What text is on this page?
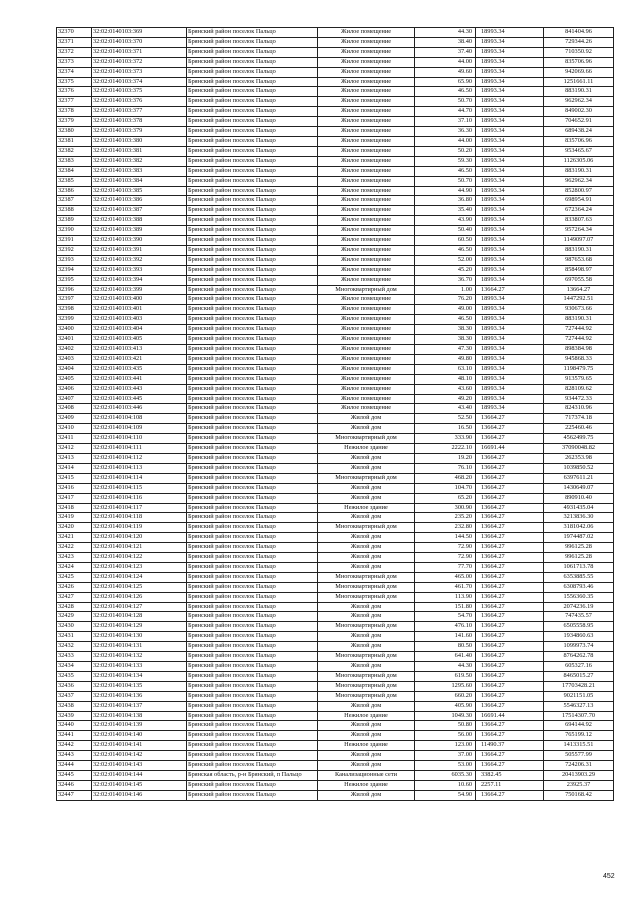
32370	32:02:0140103:369	Брянский район поселок Пальцо	Жилое помещение	44.30	18993.34	841404.96
32371	32:02:0140103:370	Брянский район поселок Пальцо	Жилое помещение	38.40	18993.34	729344.26
32372	32:02:0140103:371	Брянский район поселок Пальцо	Жилое помещение	37.40	18993.34	710350.92
32373	32:02:0140103:372	Брянский район поселок Пальцо	Жилое помещение	44.00	18993.34	835706.96
32374	32:02:0140103:373	Брянский район поселок Пальцо	Жилое помещение	49.60	18993.34	942069.66
32375	32:02:0140103:374	Брянский район поселок Пальцо	Жилое помещение	65.90	18993.34	1251661.11
32376	32:02:0140103:375	Брянский район поселок Пальцо	Жилое помещение	46.50	18993.34	883190.31
32377	32:02:0140103:376	Брянский район поселок Пальцо	Жилое помещение	50.70	18993.34	962962.34
32378	32:02:0140103:377	Брянский район поселок Пальцо	Жилое помещение	44.70	18993.34	849002.30
32379	32:02:0140103:378	Брянский район поселок Пальцо	Жилое помещение	37.10	18993.34	704652.91
32380	32:02:0140103:379	Брянский район поселок Пальцо	Жилое помещение	36.30	18993.34	689438.24
32381	32:02:0140103:380	Брянский район поселок Пальцо	Жилое помещение	44.00	18993.34	835706.96
32382	32:02:0140103:381	Брянский район поселок Пальцо	Жилое помещение	50.20	18993.34	953465.67
32383	32:02:0140103:382	Брянский район поселок Пальцо	Жилое помещение	59.30	18993.34	1126305.06
32384	32:02:0140103:383	Брянский район поселок Пальцо	Жилое помещение	46.50	18993.34	883190.31
32385	32:02:0140103:384	Брянский район поселок Пальцо	Жилое помещение	50.70	18993.34	962962.34
32386	32:02:0140103:385	Брянский район поселок Пальцо	Жилое помещение	44.90	18993.34	852800.97
32387	32:02:0140103:386	Брянский район поселок Пальцо	Жилое помещение	36.80	18993.34	698954.91
32388	32:02:0140103:387	Брянский район поселок Пальцо	Жилое помещение	35.40	18993.34	672364.24
32389	32:02:0140103:388	Брянский район поселок Пальцо	Жилое помещение	43.90	18993.34	833807.63
32390	32:02:0140103:389	Брянский район поселок Пальцо	Жилое помещение	50.40	18993.34	957264.34
32391	32:02:0140103:390	Брянский район поселок Пальцо	Жилое помещение	60.50	18993.34	1149097.07
32392	32:02:0140103:391	Брянский район поселок Пальцо	Жилое помещение	46.50	18993.34	883190.31
32393	32:02:0140103:392	Брянский район поселок Пальцо	Жилое помещение	52.00	18993.34	987653.68
32394	32:02:0140103:393	Брянский район поселок Пальцо	Жилое помещение	45.20	18993.34	858498.97
32395	32:02:0140103:394	Брянский район поселок Пальцо	Жилое помещение	36.70	18993.34	697055.58
32396	32:02:0140103:399	Брянский район поселок Пальцо	Многоквартирный дом	1.00	13664.27	13664.27
32397	32:02:0140103:400	Брянский район поселок Пальцо	Жилое помещение	76.20	18993.34	1447292.51
32398	32:02:0140103:401	Брянский район поселок Пальцо	Жилое помещение	49.00	18993.34	930673.66
32399	32:02:0140103:403	Брянский район поселок Пальцо	Жилое помещение	46.50	18993.34	883190.31
32400	32:02:0140103:404	Брянский район поселок Пальцо	Жилое помещение	38.30	18993.34	727444.92
32401	32:02:0140103:405	Брянский район поселок Пальцо	Жилое помещение	38.30	18993.34	727444.92
32402	32:02:0140103:413	Брянский район поселок Пальцо	Жилое помещение	47.30	18993.34	898384.98
32403	32:02:0140103:421	Брянский район поселок Пальцо	Жилое помещение	49.80	18993.34	945868.33
32404	32:02:0140103:435	Брянский район поселок Пальцо	Жилое помещение	63.10	18993.34	1198479.75
32405	32:02:0140103:441	Брянский район поселок Пальцо	Жилое помещение	48.10	18993.34	913579.65
32406	32:02:0140103:443	Брянский район поселок Пальцо	Жилое помещение	43.60	18993.34	828109.62
32407	32:02:0140103:445	Брянский район поселок Пальцо	Жилое помещение	49.20	18993.34	934472.33
32408	32:02:0140103:446	Брянский район поселок Пальцо	Жилое помещение	43.40	18993.34	824310.96
32409	32:02:0140104:108	Брянский район поселок Пальцо	Жилой дом	52.50	13664.27	717374.18
32410	32:02:0140104:109	Брянский район поселок Пальцо	Жилой дом	16.50	13664.27	225460.46
32411	32:02:0140104:110	Брянский район поселок Пальцо	Многоквартирный дом	333.90	13664.27	4562499.75
32412	32:02:0140104:111	Брянский район поселок Пальцо	Нежилое здание	2222.10	16691.44	37090048.82
32413	32:02:0140104:112	Брянский район поселок Пальцо	Жилой дом	19.20	13664.27	262353.98
32414	32:02:0140104:113	Брянский район поселок Пальцо	Жилой дом	76.10	13664.27	1039850.52
32415	32:02:0140104:114	Брянский район поселок Пальцо	Многоквартирный дом	468.20	13664.27	6397611.21
32416	32:02:0140104:115	Брянский район поселок Пальцо	Жилой дом	104.70	13664.27	1430649.07
32417	32:02:0140104:116	Брянский район поселок Пальцо	Жилой дом	65.20	13664.27	890910.40
32418	32:02:0140104:117	Брянский район поселок Пальцо	Нежилое здание	300.90	13664.27	4931435.04
32419	32:02:0140104:118	Брянский район поселок Пальцо	Жилой дом	235.20	13664.27	3213836.30
32420	32:02:0140104:119	Брянский район поселок Пальцо	Многоквартирный дом	232.80	13664.27	3181042.06
32421	32:02:0140104:120	Брянский район поселок Пальцо	Жилой дом	144.50	13664.27	1974487.02
32422	32:02:0140104:121	Брянский район поселок Пальцо	Жилой дом	72.90	13664.27	996125.28
32423	32:02:0140104:122	Брянский район поселок Пальцо	Жилой дом	72.90	13664.27	996125.28
32424	32:02:0140104:123	Брянский район поселок Пальцо	Жилой дом	77.70	13664.27	1061713.78
32425	32:02:0140104:124	Брянский район поселок Пальцо	Многоквартирный дом	465.00	13664.27	6353885.55
32426	32:02:0140104:125	Брянский район поселок Пальцо	Многоквартирный дом	461.70	13664.27	6308793.46
32427	32:02:0140104:126	Брянский район поселок Пальцо	Многоквартирный дом	113.90	13664.27	1556360.35
32428	32:02:0140104:127	Брянский район поселок Пальцо	Жилой дом	151.80	13664.27	2074236.19
32429	32:02:0140104:128	Брянский район поселок Пальцо	Жилой дом	54.70	13664.27	747435.57
32430	32:02:0140104:129	Брянский район поселок Пальцо	Многоквартирный дом	476.10	13664.27	6505558.95
32431	32:02:0140104:130	Брянский район поселок Пальцо	Жилой дом	141.60	13664.27	1934860.63
32432	32:02:0140104:131	Брянский район поселок Пальцо	Жилой дом	80.50	13664.27	1099973.74
32433	32:02:0140104:132	Брянский район поселок Пальцо	Многоквартирный дом	641.40	13664.27	8764262.78
32434	32:02:0140104:133	Брянский район поселок Пальцо	Жилой дом	44.30	13664.27	605327.16
32435	32:02:0140104:134	Брянский район поселок Пальцо	Многоквартирный дом	619.50	13664.27	8465015.27
32436	32:02:0140104:135	Брянский район поселок Пальцо	Многоквартирный дом	1295.60	13664.27	17703428.21
32437	32:02:0140104:136	Брянский район поселок Пальцо	Многоквартирный дом	660.20	13664.27	9021151.05
32438	32:02:0140104:137	Брянский район поселок Пальцо	Жилой дом	405.90	13664.27	5546327.13
32439	32:02:0140104:138	Брянский район поселок Пальцо	Нежилое здание	1049.30	16691.44	17514307.70
32440	32:02:0140104:139	Брянский район поселок Пальцо	Жилой дом	50.80	13664.27	694144.92
32441	32:02:0140104:140	Брянский район поселок Пальцо	Жилой дом	56.00	13664.27	765199.12
32442	32:02:0140104:141	Брянский район поселок Пальцо	Нежилое здание	123.00	11490.37	1413315.51
32443	32:02:0140104:142	Брянский район поселок Пальцо	Жилой дом	37.00	13664.27	505577.99
32444	32:02:0140104:143	Брянский район поселок Пальцо	Жилой дом	53.00	13664.27	724206.31
32445	32:02:0140104:144	Брянская область, р-н Брянский, п Пальцо	Канализационные сети	6035.30	3382.45	20413903.29
32446	32:02:0140104:145	Брянский район поселок Пальцо	Нежилое здание	10.60	2257.11	23925.37
32447	32:02:0140104:146	Брянский район поселок Пальцо	Жилой дом	54.90	13664.27	750168.42
452
